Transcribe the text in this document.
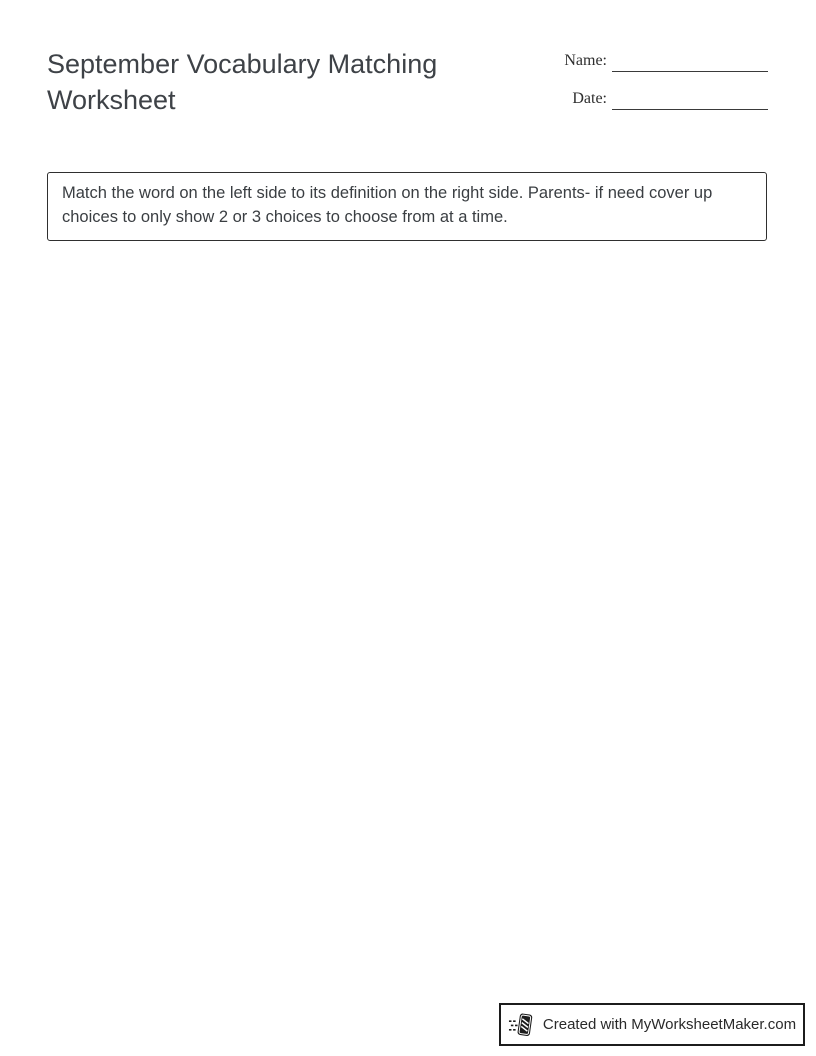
September Vocabulary Matching Worksheet
Name:
Date:
Match the word on the left side to its definition on the right side. Parents- if need cover up choices to only show 2 or 3 choices to choose from at a time.
Created with MyWorksheetMaker.com
